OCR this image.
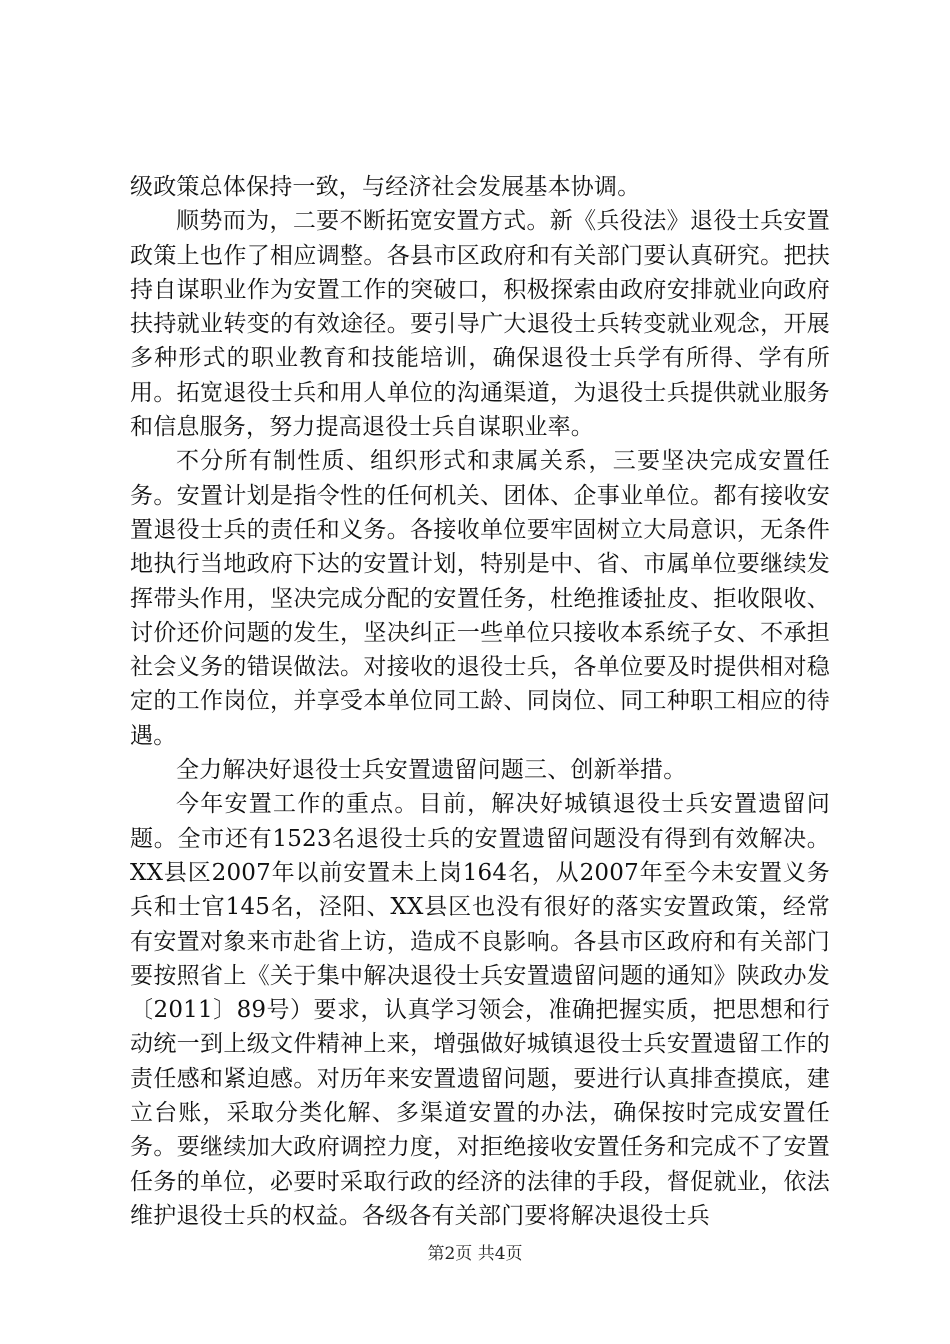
级政策总体保持一致，与经济社会发展基本协调。

顺势而为，二要不断拓宽安置方式。新《兵役法》退役士兵安置政策上也作了相应调整。各县市区政府和有关部门要认真研究。把扶持自谋职业作为安置工作的突破口，积极探索由政府安排就业向政府扶持就业转变的有效途径。要引导广大退役士兵转变就业观念，开展多种形式的职业教育和技能培训，确保退役士兵学有所得、学有所用。拓宽退役士兵和用人单位的沟通渠道，为退役士兵提供就业服务和信息服务，努力提高退役士兵自谋职业率。

不分所有制性质、组织形式和隶属关系，三要坚决完成安置任务。安置计划是指令性的任何机关、团体、企事业单位。都有接收安置退役士兵的责任和义务。各接收单位要牢固树立大局意识，无条件地执行当地政府下达的安置计划，特别是中、省、市属单位要继续发挥带头作用，坚决完成分配的安置任务，杜绝推诿扯皮、拒收限收、讨价还价问题的发生，坚决纠正一些单位只接收本系统子女、不承担社会义务的错误做法。对接收的退役士兵，各单位要及时提供相对稳定的工作岗位，并享受本单位同工龄、同岗位、同工种职工相应的待遇。

全力解决好退役士兵安置遗留问题三、创新举措。

今年安置工作的重点。目前，解决好城镇退役士兵安置遗留问题。全市还有1523名退役士兵的安置遗留问题没有得到有效解决。XX县区2007年以前安置未上岗164名，从2007年至今未安置义务兵和士官145名，泾阳、XX县区也没有很好的落实安置政策，经常有安置对象来市赴省上访，造成不良影响。各县市区政府和有关部门要按照省上《关于集中解决退役士兵安置遗留问题的通知》陕政办发〔2011〕89号）要求，认真学习领会，准确把握实质，把思想和行动统一到上级文件精神上来，增强做好城镇退役士兵安置遗留工作的责任感和紧迫感。对历年来安置遗留问题，要进行认真排查摸底，建立台账，采取分类化解、多渠道安置的办法，确保按时完成安置任务。要继续加大政府调控力度，对拒绝接收安置任务和完成不了安置任务的单位，必要时采取行政的经济的法律的手段，督促就业，依法维护退役士兵的权益。各级各有关部门要将解决退役士兵

第2页 共4页
